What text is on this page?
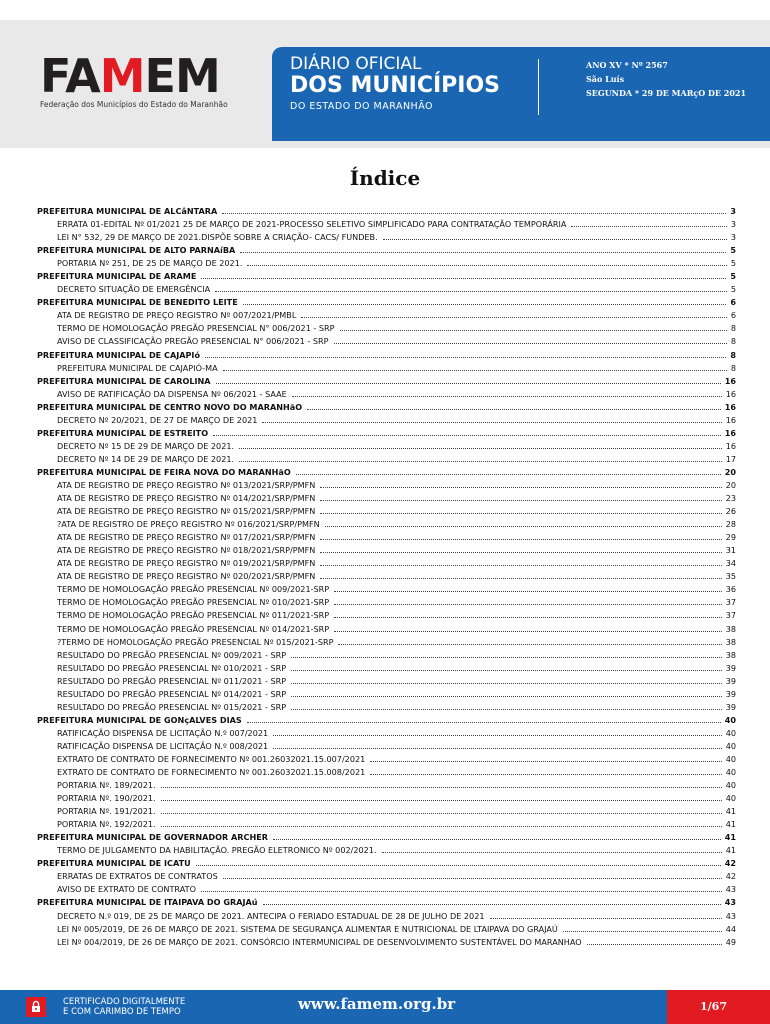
FAMEM
Federação dos Municípios do Estado do Maranhão
DIÁRIO OFICIAL
DOS MUNICÍPIOS
DO ESTADO DO MARANHÃO
ANO XV * Nº 2567
São Luís
SEGUNDA * 29 DE MARçO DE 2021
Índice
PREFEITURA MUNICIPAL DE ALCâNTARA	3
ERRATA 01-EDITAL Nº 01/2021 25 DE MARÇO DE 2021-PROCESSO SELETIVO SIMPLIFICADO PARA CONTRATAÇÃO TEMPORÁRIA	3
LEI N° 532, 29 DE MARÇO DE 2021.DISPÕE SOBRE A CRIAÇÃO- CACS/ FUNDEB.	3
PREFEITURA MUNICIPAL DE ALTO PARNAíBA	5
PORTARIA Nº 251, DE 25 DE MARÇO DE 2021.	5
PREFEITURA MUNICIPAL DE ARAME	5
DECRETO SITUAÇÃO DE EMERGÊNCIA	5
PREFEITURA MUNICIPAL DE BENEDITO LEITE	6
ATA DE REGISTRO DE PREÇO REGISTRO Nº 007/2021/PMBL	6
TERMO DE HOMOLOGAÇÃO PREGÃO PRESENCIAL N° 006/2021 - SRP	8
AVISO DE CLASSIFICAÇÃO PREGÃO PRESENCIAL N° 006/2021 - SRP	8
PREFEITURA MUNICIPAL DE CAJAPIó	8
PREFEITURA MUNICIPAL DE CAJAPIÓ-MA	8
PREFEITURA MUNICIPAL DE CAROLINA	16
AVISO DE RATIFICAÇÃO DA DISPENSA Nº 06/2021 - SAAE	16
PREFEITURA MUNICIPAL DE CENTRO NOVO DO MARANHãO	16
DECRETO Nº 20/2021, DE 27 DE MARÇO DE 2021	16
PREFEITURA MUNICIPAL DE ESTREITO	16
DECRETO Nº 15 DE 29 DE MARÇO DE 2021.	16
DECRETO Nº 14 DE 29 DE MARÇO DE 2021.	17
PREFEITURA MUNICIPAL DE FEIRA NOVA DO MARANHãO	20
ATA DE REGISTRO DE PREÇO REGISTRO Nº 013/2021/SRP/PMFN	20
ATA DE REGISTRO DE PREÇO REGISTRO Nº 014/2021/SRP/PMFN	23
ATA DE REGISTRO DE PREÇO REGISTRO Nº 015/2021/SRP/PMFN	26
?ATA DE REGISTRO DE PREÇO REGISTRO Nº 016/2021/SRP/PMFN	28
ATA DE REGISTRO DE PREÇO REGISTRO Nº 017/2021/SRP/PMFN	29
ATA DE REGISTRO DE PREÇO REGISTRO Nº 018/2021/SRP/PMFN	31
ATA DE REGISTRO DE PREÇO REGISTRO Nº 019/2021/SRP/PMFN	34
ATA DE REGISTRO DE PREÇO REGISTRO Nº 020/2021/SRP/PMFN	35
TERMO DE HOMOLOGAÇÃO PREGÃO PRESENCIAL Nº 009/2021-SRP	36
TERMO DE HOMOLOGAÇÃO PREGÃO PRESENCIAL Nº 010/2021-SRP	37
TERMO DE HOMOLOGAÇÃO PREGÃO PRESENCIAL Nº 011/2021-SRP	37
TERMO DE HOMOLOGAÇÃO PREGÃO PRESENCIAL Nº 014/2021-SRP	38
?TERMO DE HOMOLOGAÇÃO PREGÃO PRESENCIAL Nº 015/2021-SRP	38
RESULTADO DO PREGÃO PRESENCIAL Nº 009/2021 - SRP	38
RESULTADO DO PREGÃO PRESENCIAL Nº 010/2021 - SRP	39
RESULTADO DO PREGÃO PRESENCIAL Nº 011/2021 - SRP	39
RESULTADO DO PREGÃO PRESENCIAL Nº 014/2021 - SRP	39
RESULTADO DO PREGÃO PRESENCIAL Nº 015/2021 - SRP	39
PREFEITURA MUNICIPAL DE GONçALVES DIAS	40
RATIFICAÇÃO DISPENSA DE LICITAÇÃO N.º 007/2021	40
RATIFICAÇÃO DISPENSA DE LICITAÇÃO N.º 008/2021	40
EXTRATO DE CONTRATO DE FORNECIMENTO Nº 001.26032021.15.007/2021	40
EXTRATO DE CONTRATO DE FORNECIMENTO Nº 001.26032021.15.008/2021	40
PORTARIA Nº. 189/2021.	40
PORTARIA Nº. 190/2021.	40
PORTARIA Nº. 191/2021.	41
PORTARIA Nº. 192/2021.	41
PREFEITURA MUNICIPAL DE GOVERNADOR ARCHER	41
TERMO DE JULGAMENTO DA HABILITAÇÃO. PREGÃO ELETRONICO Nº 002/2021.	41
PREFEITURA MUNICIPAL DE ICATU	42
ERRATAS DE EXTRATOS DE CONTRATOS	42
AVISO DE EXTRATO DE CONTRATO	43
PREFEITURA MUNICIPAL DE ITAIPAVA DO GRAJAú	43
DECRETO N.º 019, DE 25 DE MARÇO DE 2021. ANTECIPA O FERIADO ESTADUAL DE 28 DE JULHO DE 2021	43
LEI Nº 005/2019, DE 26 DE MARÇO DE 2021. SISTEMA DE SEGURANÇA ALIMENTAR E NUTRICIONAL DE LTAIPAVA DO GRAJAÚ	44
LEI Nº 004/2019, DE 26 DE MARÇO DE 2021. CONSÓRCIO INTERMUNICIPAL DE DESENVOLVIMENTO SUSTENTÁVEL DO MARANHAO	49
CERTIFICADO DIGITALMENTE
E COM CARIMBO DE TEMPO	www.famem.org.br	1/67
